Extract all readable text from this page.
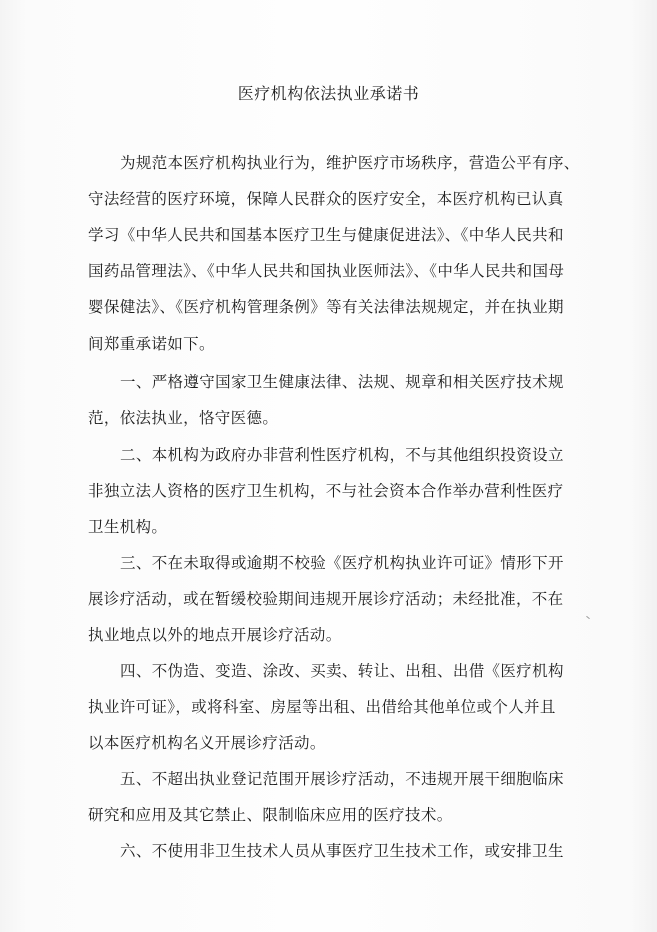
医疗机构依法执业承诺书
为规范本医疗机构执业行为，维护医疗市场秩序，营造公平有序、
守法经营的医疗环境，保障人民群众的医疗安全，本医疗机构已认真
学习《中华人民共和国基本医疗卫生与健康促进法》、《中华人民共和
国药品管理法》、《中华人民共和国执业医师法》、《中华人民共和国母
婴保健法》、《医疗机构管理条例》等有关法律法规规定，并在执业期
间郑重承诺如下。
一、严格遵守国家卫生健康法律、法规、规章和相关医疗技术规
范，依法执业，恪守医德。
二、本机构为政府办非营利性医疗机构，不与其他组织投资设立
非独立法人资格的医疗卫生机构，不与社会资本合作举办营利性医疗
卫生机构。
三、不在未取得或逾期不校验《医疗机构执业许可证》情形下开
展诊疗活动，或在暂缓校验期间违规开展诊疗活动；未经批准，不在
执业地点以外的地点开展诊疗活动。
四、不伪造、变造、涂改、买卖、转让、出租、出借《医疗机构
执业许可证》，或将科室、房屋等出租、出借给其他单位或个人并且
以本医疗机构名义开展诊疗活动。
五、不超出执业登记范围开展诊疗活动，不违规开展干细胞临床
研究和应用及其它禁止、限制临床应用的医疗技术。
六、不使用非卫生技术人员从事医疗卫生技术工作，或安排卫生
